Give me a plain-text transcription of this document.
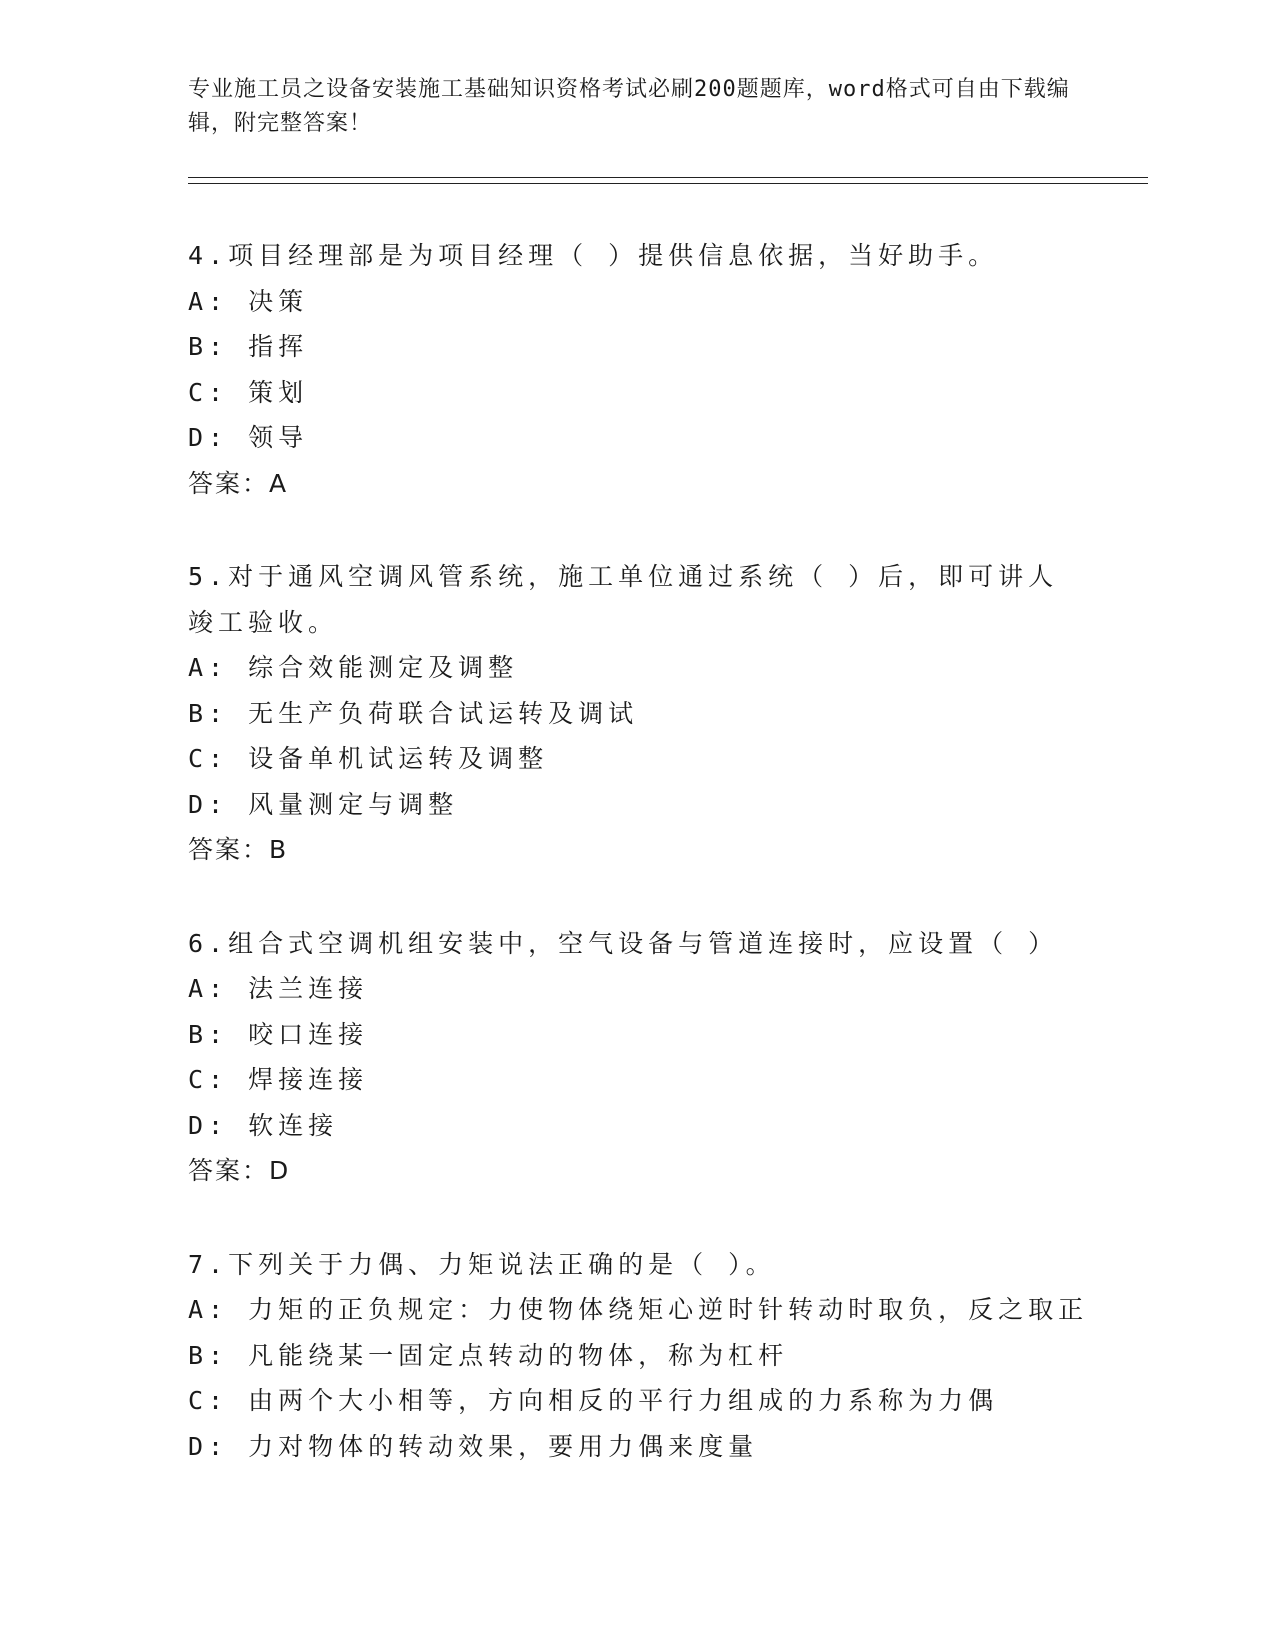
专业施工员之设备安装施工基础知识资格考试必刷200题题库，word格式可自由下载编辑，附完整答案！
4.项目经理部是为项目经理（ ）提供信息依据，当好助手。
A: 决策
B: 指挥
C: 策划
D: 领导
答案：A
5.对于通风空调风管系统，施工单位通过系统（ ）后，即可讲人竣工验收。
A: 综合效能测定及调整
B: 无生产负荷联合试运转及调试
C: 设备单机试运转及调整
D: 风量测定与调整
答案：B
6.组合式空调机组安装中，空气设备与管道连接时，应设置（ ）
A: 法兰连接
B: 咬口连接
C: 焊接连接
D: 软连接
答案：D
7.下列关于力偶、力矩说法正确的是（ ）。
A: 力矩的正负规定：力使物体绕矩心逆时针转动时取负，反之取正
B: 凡能绕某一固定点转动的物体，称为杠杆
C: 由两个大小相等，方向相反的平行力组成的力系称为力偶
D: 力对物体的转动效果，要用力偶来度量
